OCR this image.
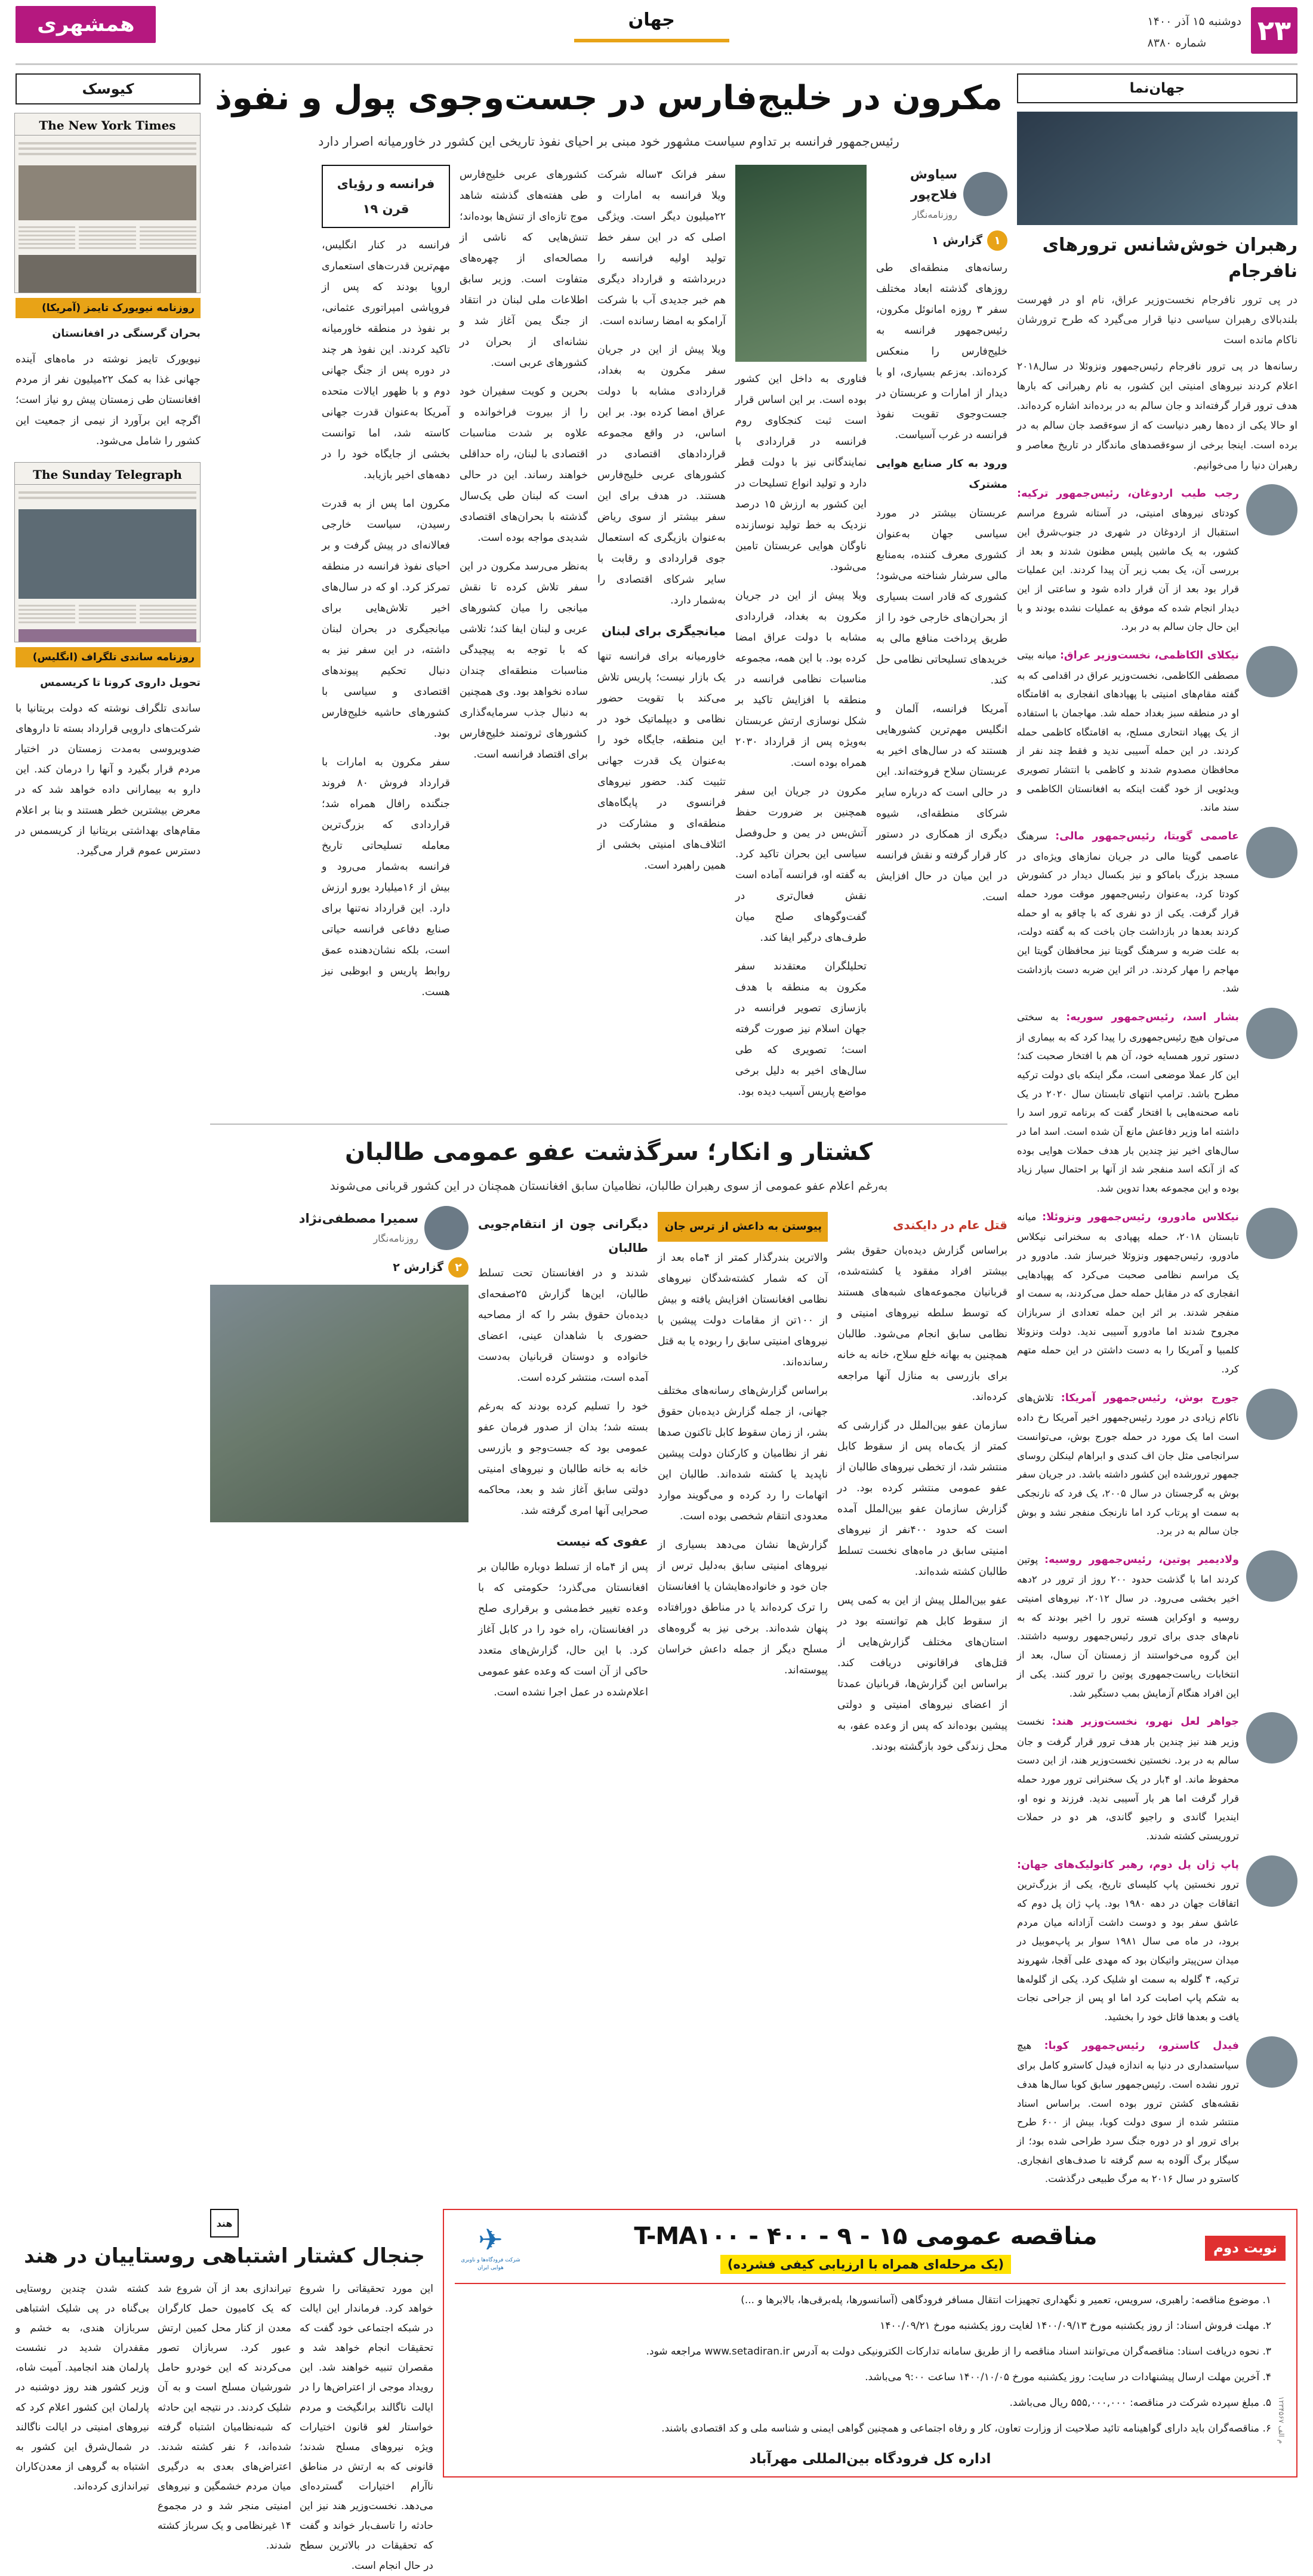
۲۳
دوشنبه ۱۵ آذر ۱۴۰۰
شماره ۸۳۸۰
جهان
همشهری
جهان‌نما
رهبران خوش‌شانس ترورهای نافرجام
در پی ترور نافرجام نخست‌وزیر عراق، نام او در فهرست بلندبالای رهبران سیاسی دنیا قرار می‌گیرد که طرح ترورشان ناکام مانده است
رسانه‌ها در پی ترور نافرجام رئیس‌جمهور ونزوئلا در سال۲۰۱۸ اعلام کردند نیروهای امنیتی این کشور، به نام رهبرانی که بارها هدف ترور قرار گرفته‌اند و جان سالم به در برده‌اند اشاره کرده‌اند. او حالا یکی از ده‌ها رهبر دنیاست که از سوء‌قصد جان سالم به در برده است. اینجا برخی از سوء‌قصدهای ماندگار در تاریخ معاصر و رهبران دنیا را می‌خوانیم.
رجب طیب اردوغان، رئیس‌جمهور ترکیه: کودتای نیروهای امنیتی، در آستانه شروع مراسم استقبال از اردوغان در شهری در جنوب‌شرق این کشور، به یک ماشین پلیس مظنون شدند و بعد از بررسی آن، یک بمب زیر آن پیدا کردند. این عملیات قرار بود بعد از آن قرار داده شود و ساعتی از این دیدار انجام شده که موفق به عملیات نشده بودند و با این حال جان سالم به در برد.
نیکلای الکاظمی، نخست‌وزیر عراق: میانه بیتی مصطفی الکاظمی، نخست‌وزیر عراق در اقدامی که به گفته مقام‌های امنیتی با پهپاد‌های انفجاری به اقامتگاه او در منطقه سبز بغداد حمله شد. مهاجمان با استفاده از یک پهپاد انتحاری مسلح، به اقامتگاه کاظمی حمله کردند. در این حمله آسیبی ندید و فقط چند نفر از محافظان مصدوم شدند و کاظمی با انتشار تصویری ویدئویی از خود گفت اینکه به افغانستان الکاظمی و سند ماند.
عاصمی گویتا، رئیس‌جمهور مالی: سرهنگ عاصمی گویتا مالی در جریان نمازهای ویژه‌ای در مسجد بزرگ باماکو و نیز بکسال دیدار در کشورش کودتا کرد، به‌عنوان رئیس‌جمهور موقت مورد حمله قرار گرفت. یکی از دو نفری که با چاقو به او حمله کردند بعدها در بازداشت جان باخت که به گفته دولت، به علت ضربه و سرهنگ گویتا نیز محافظان گویتا این مهاجم را مهار کردند. در اثر این ضربه دست بازداشت شد.
بشار اسد، رئیس‌جمهور سوریه: به سختی می‌توان هیچ رئیس‌جمهوری را پیدا کرد که به بیماری از دستور ترور همسایه خود، آن هم با افتخار صحبت کند؛ این کار عملا موضعی است، مگر اینکه بای دولت ترکیه مطرح باشد. ترامپ انتهای تابستان سال ۲۰۲۰ در یک نامه صحنه‌هایی با افتخار گفت که برنامه ترور اسد را داشته اما وزیر دفاعش مانع آن شده است. اسد اما در سال‌های اخیر نیز چندین بار هدف حملات هوایی بوده که از آنکه اسد منفجر شد از آنها بر احتمال سیار زیاد بوده و این مجموعه بعدا تدوین شد.
نیکلاس مادورو، رئیس‌جمهور ونزوئلا: میانه تابستان ۲۰۱۸، حمله پهپادی به سخنرانی نیکلاس مادورو، رئیس‌جمهور ونزوئلا خبرساز شد. مادورو در یک مراسم نظامی صحبت می‌کرد که پهپادهایی انفجاری که در مقابل حمله حمل می‌کردند، به سمت او منفجر شدند. بر اثر این حمله تعدادی از سربازان مجروح شدند اما مادورو آسیبی ندید. دولت ونزوئلا کلمبیا و آمریکا را به دست داشتن در این حمله متهم کرد.
جورج بوش، رئیس‌جمهور آمریکا: تلاش‌های ناکام زیادی در مورد رئیس‌جمهور اخیر آمریکا رخ داده است اما یک مورد در حمله جورج بوش، می‌توانست سرانجامی مثل جان اف کندی و ابراهام لینکلن روسای جمهور ترورشده این کشور داشته باشد. در جریان سفر بوش به گرجستان در سال ۲۰۰۵، یک فرد که نارنجکی به سمت او پرتاب کرد اما نارنجک منفجر نشد و بوش جان سالم به در برد.
ولادیمیر پوتین، رئیس‌جمهور روسیه: پوتین کردند اما با گذشت حدود ۲۰۰ روز از ترور در ۲دهه اخیر بخشی می‌رود. در سال ۲۰۱۲، نیروهای امنیتی روسیه و اوکراین هسته ترور را اخیر بودند که به نام‌های جدی برای ترور رئیس‌جمهور روسیه داشتند. این گروه می‌خواستند از زمستان آن سال، بعد از انتخابات ریاست‌جمهوری پوتین را ترور کنند. یکی از این افراد هنگام آزمایش بمب دستگیر شد.
جواهر لعل نهرو، نخست‌وزیر هند: نخست وزیر هند نیز چندین بار هدف ترور قرار گرفت و جان سالم به در برد. نخستین نخست‌وزیر هند، از این دست محفوظ ماند. او ۴بار در یک سخنرانی ترور مورد حمله قرار گرفت اما هر بار آسیبی ندید. فرزند و نوه او، ایندیرا گاندی و راجیو گاندی، هر دو در حملات تروریستی کشته شدند.
پاپ ژان پل دوم، رهبر کاتولیک‌های جهان: ترور نخستین پاپ کلیسای تاریخ، یکی از بزرگ‌ترین اتفاقات جهان در دهه ۱۹۸۰ بود. پاپ ژان پل دوم که عاشق سفر بود و دوست داشت آزادانه میان مردم برود، در ماه می سال ۱۹۸۱ سوار بر پاپ‌موبیل در میدان سن‌پیتر واتیکان بود که مهدی علی آقجا، شهروند ترکیه، ۴ گلوله به سمت او شلیک کرد. یکی از گلوله‌ها به شکم پاپ اصابت کرد اما او پس از جراحی نجات یافت و بعدها قاتل خود را بخشید.
فیدل کاسترو، رئیس‌جمهور کوبا: هیچ سیاستمداری در دنیا به اندازه فیدل کاسترو کامل برای ترور نشده است. رئیس‌جمهور سابق کوبا سال‌ها هدف نقشه‌های کشتن ترور بوده است. براساس اسناد منتشر شده از سوی دولت کوبا، بیش از ۶۰۰ طرح برای ترور او در دوره جنگ سرد طراحی شده بود؛ از سیگار برگ آلوده به سم گرفته تا صدف‌های انفجاری. کاسترو در سال ۲۰۱۶ به مرگ طبیعی درگذشت.
مکرون در خلیج‌فارس در جست‌وجوی پول و نفوذ
رئیس‌جمهور فرانسه بر تداوم سیاست مشهور خود مبنی بر احیای نفوذ تاریخی این کشور در خاورمیانه اصرار دارد
سیاوش فلاح‌پور
روزنامه‌نگار
۱
گزارش ۱

رسانه‌های منطقه‌ای طی روزهای گذشته ابعاد مختلف سفر ۳ روزه امانوئل مکرون، رئیس‌جمهور فرانسه به خلیج‌فارس را منعکس کرده‌اند. به‌زعم بسیاری، او با دیدار از امارات و عربستان در جست‌وجوی تقویت نفوذ فرانسه در غرب آسیاست.

ورود به کار صنایع هوایی مشترک

عربستان بیشتر در مورد سیاسی جهان به‌عنوان کشوری معرف کننده، به‌منابع مالی سرشار شناخته می‌شود؛ کشوری که قادر است بسیاری از بحران‌های خارجی خود را از طریق پرداخت منافع مالی به خریدهای تسلیحاتی نظامی حل کند.

آمریکا فرانسه، آلمان و انگلیس مهم‌ترین کشورهایی هستند که در سال‌های اخیر به عربستان سلاح فروخته‌اند. این در حالی است که درباره سایر شرکای منطقه‌ای، شیوه دیگری از همکاری در دستور کار قرار گرفته و نقش فرانسه در این میان در حال افزایش است.

فناوری به داخل این کشور بوده است. بر این اساس قرار است ثبت کنجکاوی روم فرانسه در قراردادی با نمایندگانی نیز با دولت قطر دارد و تولید انواع تسلیحات در این کشور به ارزش ۱۵ درصد نزدیک به خط تولید نوسازنده ناوگان هوایی عربستان تامین می‌شود.

ویلا پیش از این در جریان مکرون به بغداد، قراردادی مشابه با دولت عراق امضا کرده بود. با این همه، مجموعه مناسبات نظامی فرانسه در منطقه با افزایش تاکید بر شکل نوسازی ارتش عربستان به‌ویژه پس از قرارداد ۲۰۳۰ همراه بوده است.

مکرون در جریان این سفر همچنین بر ضرورت حفظ آتش‌بس در یمن و حل‌وفصل سیاسی این بحران تاکید کرد. به گفته او، فرانسه آماده است نقش فعال‌تری در گفت‌وگوهای صلح میان طرف‌های درگیر ایفا کند.

تحلیلگران معتقدند سفر مکرون به منطقه با هدف بازسازی تصویر فرانسه در جهان اسلام نیز صورت گرفته است؛ تصویری که طی سال‌های اخیر به دلیل برخی مواضع پاریس آسیب دیده بود.

سفر فرانک ۳ساله شرکت ویلا فرانسه به امارات و ۲۲میلیون دیگر است. ویژگی اصلی که در این سفر خط تولید اولیه فرانسه را دربرداشته و قرارداد دیگری هم خبر جدیدی آب با شرکت آرامکو به امضا رسانده است.

ویلا پیش از این در جریان سفر مکرون به بغداد، قراردادی مشابه با دولت عراق امضا کرده بود. بر این اساس، در واقع مجموعه قراردادهای اقتصادی در کشورهای عربی خلیج‌فارس هستند. در هدف برای این سفر بیشتر از سوی ریاض به‌عنوان بازیگری که استعمال جوی قراردادی و رقابت با سایر شرکای اقتصادی را به‌شمار دارد.

میانجیگری برای لبنان

خاورمیانه برای فرانسه تنها یک بازار نیست؛ پاریس تلاش می‌کند با تقویت حضور نظامی و دیپلماتیک خود در این منطقه، جایگاه خود را به‌عنوان یک قدرت جهانی تثبیت کند. حضور نیروهای فرانسوی در پایگاه‌های منطقه‌ای و مشارکت در ائتلاف‌های امنیتی بخشی از همین راهبرد است.

کشورهای عربی خلیج‌فارس طی هفته‌های گذشته شاهد موج تازه‌ای از تنش‌ها بوده‌اند؛ تنش‌هایی که ناشی از مصالحه‌ای از چهره‌های متفاوت است. وزیر سابق اطلاعات ملی لبنان در انتقاد از جنگ یمن آغاز شد و نشانه‌ای از بحران در کشورهای عربی است.

بحرین و کویت سفیران خود را از بیروت فراخوانده و علاوه بر شدت مناسبات اقتصادی با لبنان، راه حداقلی خواهند رساند. این در حالی است که لبنان طی یک‌سال گذشته با بحران‌های اقتصادی شدیدی مواجه بوده است.

به‌نظر می‌رسد مکرون در این سفر تلاش کرده تا نقش میانجی را میان کشورهای عربی و لبنان ایفا کند؛ تلاشی که با توجه به پیچیدگی مناسبات منطقه‌ای چندان ساده نخواهد بود. وی همچنین به دنبال جذب سرمایه‌گذاری کشورهای ثروتمند خلیج‌فارس برای اقتصاد فرانسه است.

فرانسه و رؤیای قرن ۱۹

فرانسه در کنار انگلیس، مهم‌ترین قدرت‌های استعماری اروپا بودند که پس از فروپاشی امپراتوری عثمانی، بر نفوذ در منطقه خاورمیانه تاکید کردند. این نفوذ هر چند در دوره پس از جنگ جهانی دوم و با ظهور ایالات متحده آمریکا به‌عنوان قدرت جهانی کاسته شد، اما توانست بخشی از جایگاه خود را در دهه‌های اخیر بازیابد.

مکرون اما پس از به قدرت رسیدن، سیاست خارجی فعالانه‌ای در پیش گرفت و بر احیای نفوذ فرانسه در منطقه تمرکز کرد. او که در سال‌های اخیر تلاش‌هایی برای میانجیگری در بحران لبنان داشته، در این سفر نیز به دنبال تحکیم پیوندهای اقتصادی و سیاسی با کشورهای حاشیه خلیج‌فارس بود.

سفر مکرون به امارات با قرارداد فروش ۸۰ فروند جنگنده رافال همراه شد؛ قراردادی که بزرگ‌ترین معامله تسلیحاتی تاریخ فرانسه به‌شمار می‌رود و بیش از ۱۶میلیارد یورو ارزش دارد. این قرارداد نه‌تنها برای صنایع دفاعی فرانسه حیاتی است، بلکه نشان‌دهنده عمق روابط پاریس و ابوظبی نیز هست.

کشتار و انکار؛ سرگذشت عفو عمومی طالبان
به‌رغم اعلام عفو عمومی از سوی رهبران طالبان، نظامیان سابق افغانستان همچنان در این کشور قربانی می‌شوند
قتل عام در دایکندی

براساس گزارش دیده‌بان حقوق بشر بیشتر افراد مفقود یا کشته‌شده، قربانیان مجموعه‌های شبه‌های هستند که توسط سلطه نیروهای امنیتی و نظامی سابق انجام می‌شود. طالبان همچنین به بهانه خلع سلاح، خانه به خانه برای بازرسی به منازل آنها مراجعه کرده‌اند.

سازمان عفو بین‌الملل در گزارشی که کمتر از یک‌ماه پس از سقوط کابل منتشر شد، از تخطی نیروهای طالبان از عفو عمومی منتشر کرده بود. در گزارش سازمان عفو بین‌الملل آمده است که حدود ۴۰۰نفر از نیروهای امنیتی سابق در ماه‌های نخست تسلط طالبان کشته شده‌اند.

عفو بین‌الملل پیش از این به کمی پس از سقوط کابل هم توانسته بود در استان‌های مختلف گزارش‌هایی از قتل‌های فراقانونی دریافت کند. براساس این گزارش‌ها، قربانیان عمدتا از اعضای نیروهای امنیتی و دولتی پیشین بوده‌اند که پس از وعده عفو، به محل زندگی خود بازگشته بودند.

پیوستن به داعش از ترس جان

والاترین بندرگذار کمتر از ۴ماه بعد از آن که شمار کشته‌شدگان نیروهای نظامی افغانستان افزایش یافته و بیش از ۱۰۰تن از مقامات دولت پیشین با نیروهای امنیتی سابق را ربوده یا به قتل رسانده‌اند.

براساس گزارش‌های رسانه‌های مختلف جهانی، از جمله گزارش دیده‌بان حقوق بشر، از زمان سقوط کابل تاکنون صدها نفر از نظامیان و کارکنان دولت پیشین ناپدید یا کشته شده‌اند. طالبان این اتهامات را رد کرده و می‌گویند موارد معدودی انتقام شخصی بوده است.

گزارش‌ها نشان می‌دهد بسیاری از نیروهای امنیتی سابق به‌دلیل ترس از جان خود و خانواده‌هایشان یا افغانستان را ترک کرده‌اند یا در مناطق دورافتاده پنهان شده‌اند. برخی نیز به گروه‌های مسلح دیگر از جمله داعش خراسان پیوسته‌اند.

دیگرانی چون از انتقام‌جویی طالبان

شدند و در افغانستان تحت تسلط طالبان، این‌ها گزارش ۲۵صفحه‌ای دیده‌بان حقوق بشر را که از مصاحبه حضوری با شاهدان عینی، اعضای خانواده و دوستان قربانیان به‌دست آمده است، منتشر کرده است.

خود را تسلیم کرده بودند که به‌رغم بسته شد؛ بدان از صدور فرمان عفو عمومی بود که جست‌وجو و بازرسی خانه به خانه طالبان و نیروهای امنیتی دولتی سابق آغاز شد و بعد، محاکمه صحرایی آنها امری گرفته شد.

عفوی که نیست

پس از ۴ماه از تسلط دوباره طالبان بر افغانستان می‌گذرد؛ حکومتی که با وعده تغییر خط‌مشی و برقراری صلح در افغانستان، راه خود را در کابل آغاز کرد. با این حال، گزارش‌های متعدد حاکی از آن است که وعده عفو عمومی اعلام‌شده در عمل اجرا نشده است.

سمیرا مصطفی‌نژاد
روزنامه‌نگار
۲
گزارش ۲
کیوسک
The New York Times
روزنامه نیویورک تایمز (آمریکا)
بحران گرسنگی در افغانستان
نیویورک تایمز نوشته در ماه‌های آینده جهانی غذا به کمک ۲۲میلیون نفر از مردم افغانستان طی زمستان پیش رو نیاز است؛ اگرچه این برآورد از نیمی از جمعیت این کشور را شامل می‌شود.
The Sunday Telegraph
روزنامه ساندی تلگراف (انگلیس)
تحویل داروی کرونا تا کریسمس
ساندی تلگراف نوشته که دولت بریتانیا با شرکت‌های دارویی قرارداد بسته تا داروهای ضدویروسی به‌مدت زمستان در اختیار مردم قرار بگیرد و آنها را درمان کند. این دارو به بیمارانی داده خواهد شد که در معرض بیشترین خطر هستند و بنا بر اعلام مقام‌های بهداشتی بریتانیا از کریسمس در دسترس عموم قرار می‌گیرد.
نوبت دوم
مناقصه عمومی ۱۵ - ۹ - ۴۰۰ - T-MA۱۰۰
(یک مرحله‌ای همراه با ارزیابی کیفی فشرده)
✈
شرکت فرودگاه‌ها و ناوبری هوایی ایران
م الف ۱۲۳۴۵۶۷

۱. موضوع مناقصه: راهبری، سرویس، تعمیر و نگهداری تجهیزات انتقال مسافر فرودگاهی (آسانسورها، پله‌برقی‌ها، بالابرها و ...)

۲. مهلت فروش اسناد: از روز یکشنبه مورخ ۱۴۰۰/۰۹/۱۳ لغایت روز یکشنبه مورخ ۱۴۰۰/۰۹/۲۱

۳. نحوه دریافت اسناد: مناقصه‌گران می‌توانند اسناد مناقصه را از طریق سامانه تدارکات الکترونیکی دولت به آدرس www.setadiran.ir مراجعه شود.

۴. آخرین مهلت ارسال پیشنهادات در سایت: روز یکشنبه مورخ ۱۴۰۰/۱۰/۰۵ ساعت ۹:۰۰ می‌باشد.

۵. مبلغ سپرده شرکت در مناقصه: ۵۵۵,۰۰۰,۰۰۰ ریال می‌باشد.

۶. مناقصه‌گران باید دارای گواهینامه تائید صلاحیت از وزارت تعاون، کار و رفاه اجتماعی و همچنین گواهی ایمنی و شناسه ملی و کد اقتصادی باشند.

اداره کل فرودگاه بین‌المللی مهرآباد
هند
جنجال کشتار اشتباهی روستاییان در هند
این مورد تحقیقاتی را شروع خواهد کرد. فرماندار این ایالت در شبکه اجتماعی خود گفت که تحقیقات انجام خواهد شد و مقصران تنبیه خواهند شد. این رویداد موجی از اعتراض‌ها را در ایالت ناگالند برانگیخت و مردم خواستار لغو قانون اختیارات ویژه نیروهای مسلح شدند؛ قانونی که به ارتش در مناطق ناآرام اختیارات گسترده‌ای می‌دهد. نخست‌وزیر هند نیز این حادثه را تاسف‌بار خواند و گفت که تحقیقات در بالاترین سطح در حال انجام است.
تیراندازی بعد از آن شروع شد که یک کامیون حمل کارگران معدن از کنار محل کمین ارتش عبور کرد. سربازان تصور می‌کردند که این خودرو حامل شورشیان مسلح است و به آن شلیک کردند. در نتیجه این حادثه که شبه‌نظامیان اشتباه گرفته شده‌اند، ۶ نفر کشته شدند. اعتراض‌های بعدی به درگیری میان مردم خشمگین و نیروهای امنیتی منجر شد و در مجموع ۱۴ غیرنظامی و یک سرباز کشته شدند.
کشته شدن چندین روستایی بی‌گناه در پی شلیک اشتباهی سربازان هندی، به خشم و مقفدران شدید در نشست پارلمان هند انجامید. آمیت شاه، وزیر کشور هند روز دوشنبه در پارلمان این کشور اعلام کرد که نیروهای امنیتی در ایالت ناگالند در شمال‌شرق این کشور به اشتباه به گروهی از معدن‌کاران تیراندازی کرده‌اند.
